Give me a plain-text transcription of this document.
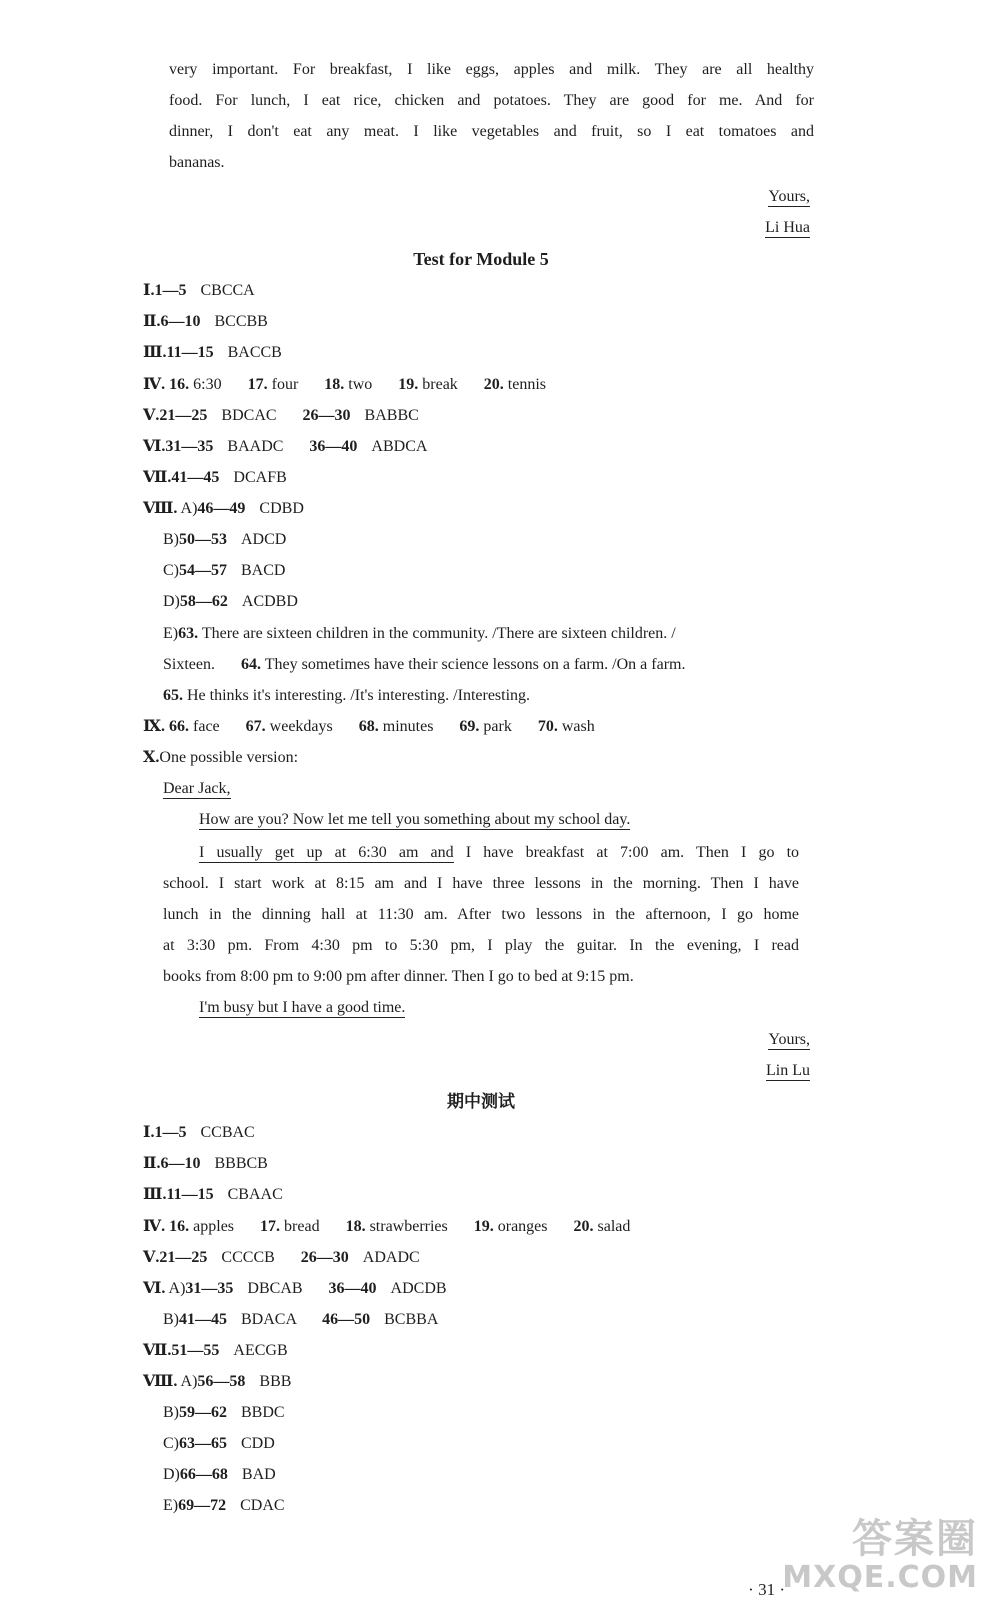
very important. For breakfast, I like eggs, apples and milk. They are all healthy
food. For lunch, I eat rice, chicken and potatoes. They are good for me. And for
dinner, I don't eat any meat. I like vegetables and fruit, so I eat tomatoes and
bananas.
Yours,
Li Hua
Test for Module 5
Ⅰ.1—5 CBCCA
Ⅱ.6—10 BCCBB
Ⅲ.11—15 BACCB
Ⅳ. 16. 6:30 17. four 18. two 19. break 20. tennis
Ⅴ.21—25 BDCAC 26—30 BABBC
Ⅵ.31—35 BAADC 36—40 ABDCA
Ⅶ.41—45 DCAFB
Ⅷ. A)46—49 CDBD
B)50—53 ADCD
C)54—57 BACD
D)58—62 ACDBD
E)63. There are sixteen children in the community. /There are sixteen children. /
Sixteen. 64. They sometimes have their science lessons on a farm. /On a farm.
65. He thinks it's interesting. /It's interesting. /Interesting.
Ⅸ. 66. face 67. weekdays 68. minutes 69. park 70. wash
Ⅹ.One possible version:
Dear Jack,
How are you? Now let me tell you something about my school day.
I usually get up at 6:30 am and I have breakfast at 7:00 am. Then I go to
school. I start work at 8:15 am and I have three lessons in the morning. Then I have
lunch in the dinning hall at 11:30 am. After two lessons in the afternoon, I go home
at 3:30 pm. From 4:30 pm to 5:30 pm, I play the guitar. In the evening, I read
books from 8:00 pm to 9:00 pm after dinner. Then I go to bed at 9:15 pm.
I'm busy but I have a good time.
Yours,
Lin Lu
期中测试
Ⅰ.1—5 CCBAC
Ⅱ.6—10 BBBCB
Ⅲ.11—15 CBAAC
Ⅳ. 16. apples 17. bread 18. strawberries 19. oranges 20. salad
Ⅴ.21—25 CCCCB 26—30 ADADC
Ⅵ. A)31—35 DBCAB 36—40 ADCDB
B)41—45 BDACA 46—50 BCBBA
Ⅶ.51—55 AECGB
Ⅷ. A)56—58 BBB
B)59—62 BBDC
C)63—65 CDD
D)66—68 BAD
E)69—72 CDAC
· 31 ·
答案圈
MXQE.COM
